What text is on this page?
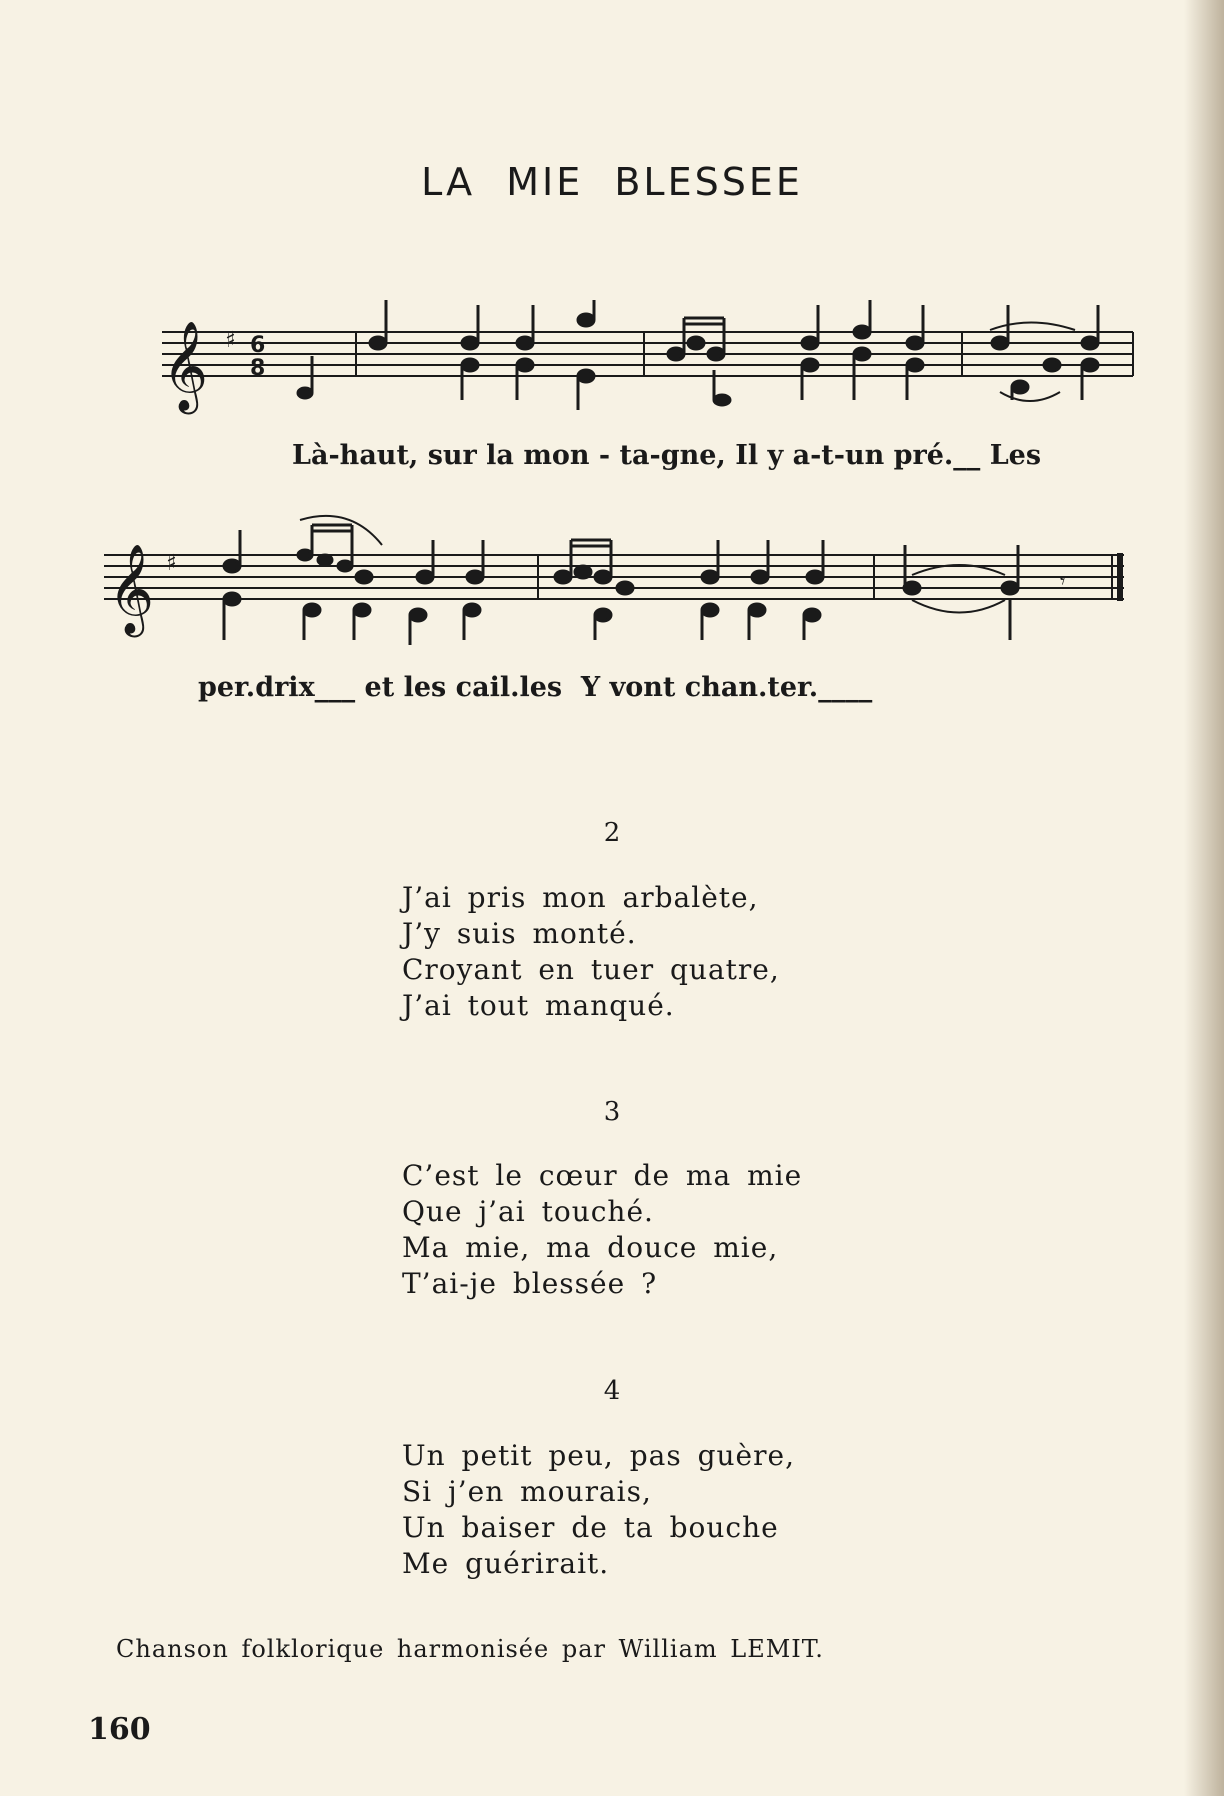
LA MIE BLESSEE
𝄞 ♯ 6
8
𝄞 ♯
𝄾
Là-haut, sur la mon - ta-gne, Il y a-t-un pré.__ Les
per.drix___ et les cail.les  Y vont chan.ter.____
2
J’ai pris mon arbalète,
J’y suis monté.
Croyant en tuer quatre,
J’ai tout manqué.
3
C’est le cœur de ma mie
Que j’ai touché.
Ma mie, ma douce mie,
T’ai-je blessée ?
4
Un petit peu, pas guère,
Si j’en mourais,
Un baiser de ta bouche
Me guérirait.
Chanson folklorique harmonisée par William LEMIT.
160
